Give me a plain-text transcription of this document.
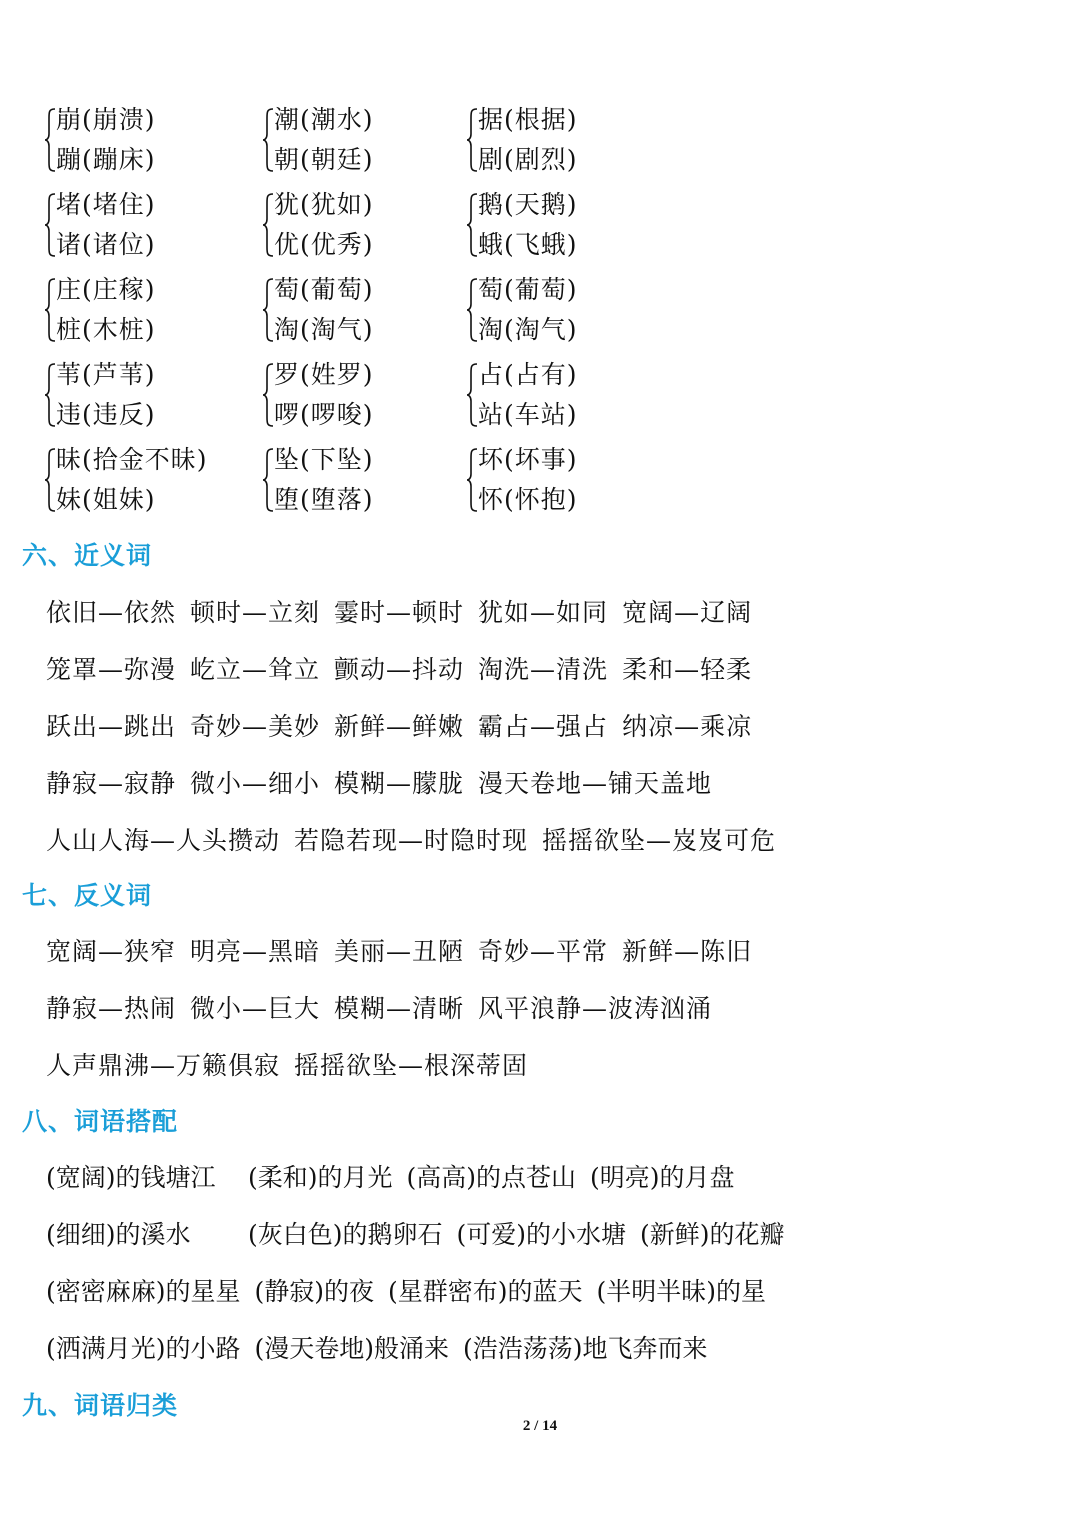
崩(崩溃)
蹦(蹦床)
潮(潮水)
朝(朝廷)
据(根据)
剧(剧烈)
堵(堵住)
诸(诸位)
犹(犹如)
优(优秀)
鹅(天鹅)
蛾(飞蛾)
庄(庄稼)
桩(木桩)
萄(葡萄)
淘(淘气)
萄(葡萄)
淘(淘气)
苇(芦苇)
违(违反)
罗(姓罗)
啰(啰唆)
占(占有)
站(车站)
昧(拾金不昧)
妹(姐妹)
坠(下坠)
堕(堕落)
坏(坏事)
怀(怀抱)
六、近义词
依旧—依然 顿时—立刻 霎时—顿时 犹如—如同 宽阔—辽阔
笼罩—弥漫 屹立—耸立 颤动—抖动 淘洗—清洗 柔和—轻柔
跃出—跳出 奇妙—美妙 新鲜—鲜嫩 霸占—强占 纳凉—乘凉
静寂—寂静 微小—细小 模糊—朦胧 漫天卷地—铺天盖地
人山人海—人头攒动 若隐若现—时隐时现 摇摇欲坠—岌岌可危
七、反义词
宽阔—狭窄 明亮—黑暗 美丽—丑陋 奇妙—平常 新鲜—陈旧
静寂—热闹 微小—巨大 模糊—清晰 风平浪静—波涛汹涌
人声鼎沸—万籁俱寂 摇摇欲坠—根深蒂固
八、词语搭配
(宽阔)的钱塘江 (柔和)的月光 (高高)的点苍山 (明亮)的月盘
(细细)的溪水 (灰白色)的鹅卵石 (可爱)的小水塘 (新鲜)的花瓣
(密密麻麻)的星星 (静寂)的夜 (星群密布)的蓝天 (半明半昧)的星
(洒满月光)的小路 (漫天卷地)般涌来 (浩浩荡荡)地飞奔而来
九、词语归类
2 / 14
